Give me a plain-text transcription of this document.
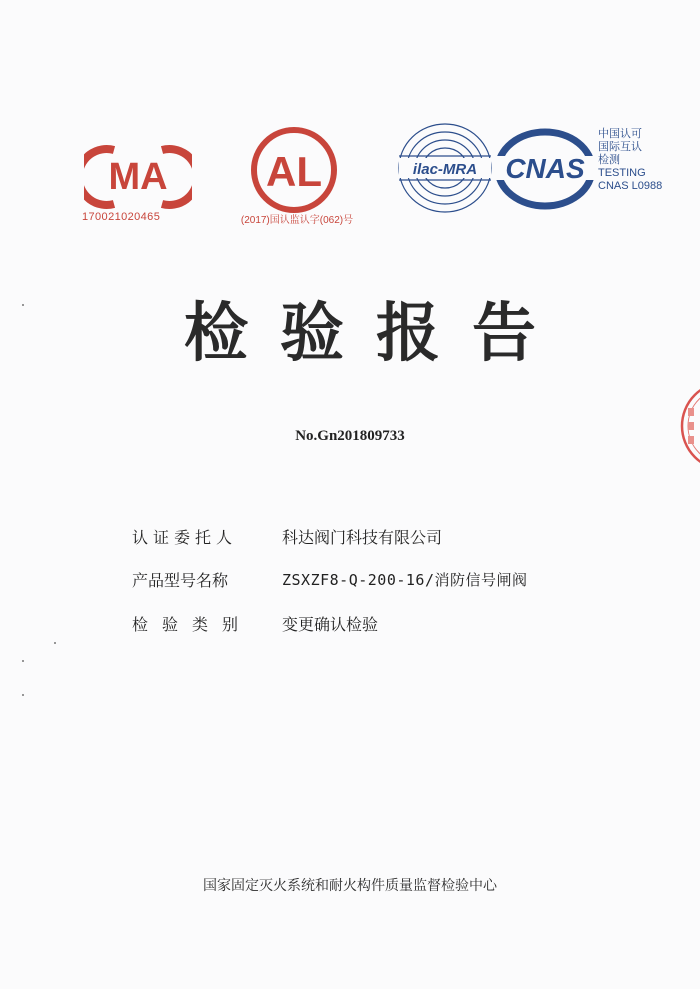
MA
170021020465
AL
(2017)国认监认字(062)号
ilac-MRA CNAS
中国认可
国际互认
检测
TESTING
CNAS L0988
检验报告
No.Gn201809733
认证委托人	科达阀门科技有限公司
产品型号名称	ZSXZF8-Q-200-16/消防信号闸阀
检验类别	变更确认检验
国家固定灭火系统和耐火构件质量监督检验中心
